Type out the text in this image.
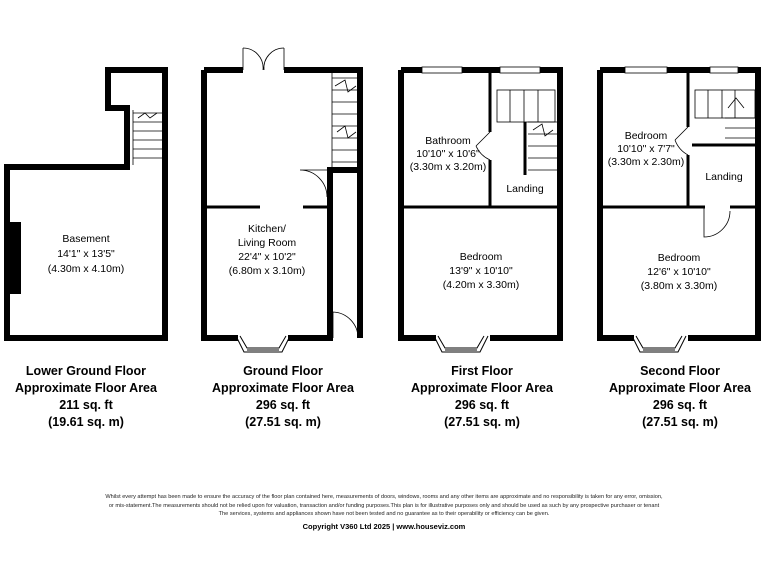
Basement
14'1" x 13'5"
(4.30m x 4.10m)
Kitchen/
Living Room
22'4" x 10'2"
(6.80m x 3.10m)
Bathroom
10'10" x 10'6"
(3.30m x 3.20m)
Landing
Bedroom
13'9" x 10'10"
(4.20m x 3.30m)
Bedroom
10'10" x 7'7"
(3.30m x 2.30m)
Landing
Bedroom
12'6" x 10'10"
(3.80m x 3.30m)
Lower Ground Floor
Approximate Floor Area
211 sq. ft
(19.61 sq. m)
Ground Floor
Approximate Floor Area
296 sq. ft
(27.51 sq. m)
First Floor
Approximate Floor Area
296 sq. ft
(27.51 sq. m)
Second Floor
Approximate Floor Area
296 sq. ft
(27.51 sq. m)
Whilst every attempt has been made to ensure the accuracy of the floor plan contained here, measurements of doors, windows, rooms and any other items are approximate and no responsibility is taken for any error, omission,
or mis-statement.The measurements should not be relied upon for valuation, transaction and/or funding purposes.This plan is for illustrative purposes only and should be used as such by any prospective purchaser or tenant
The services, systems and appliances shown have not been tested and no guarantee as to their operability or efficiency can be given.
Copyright V360 Ltd 2025 | www.houseviz.com
